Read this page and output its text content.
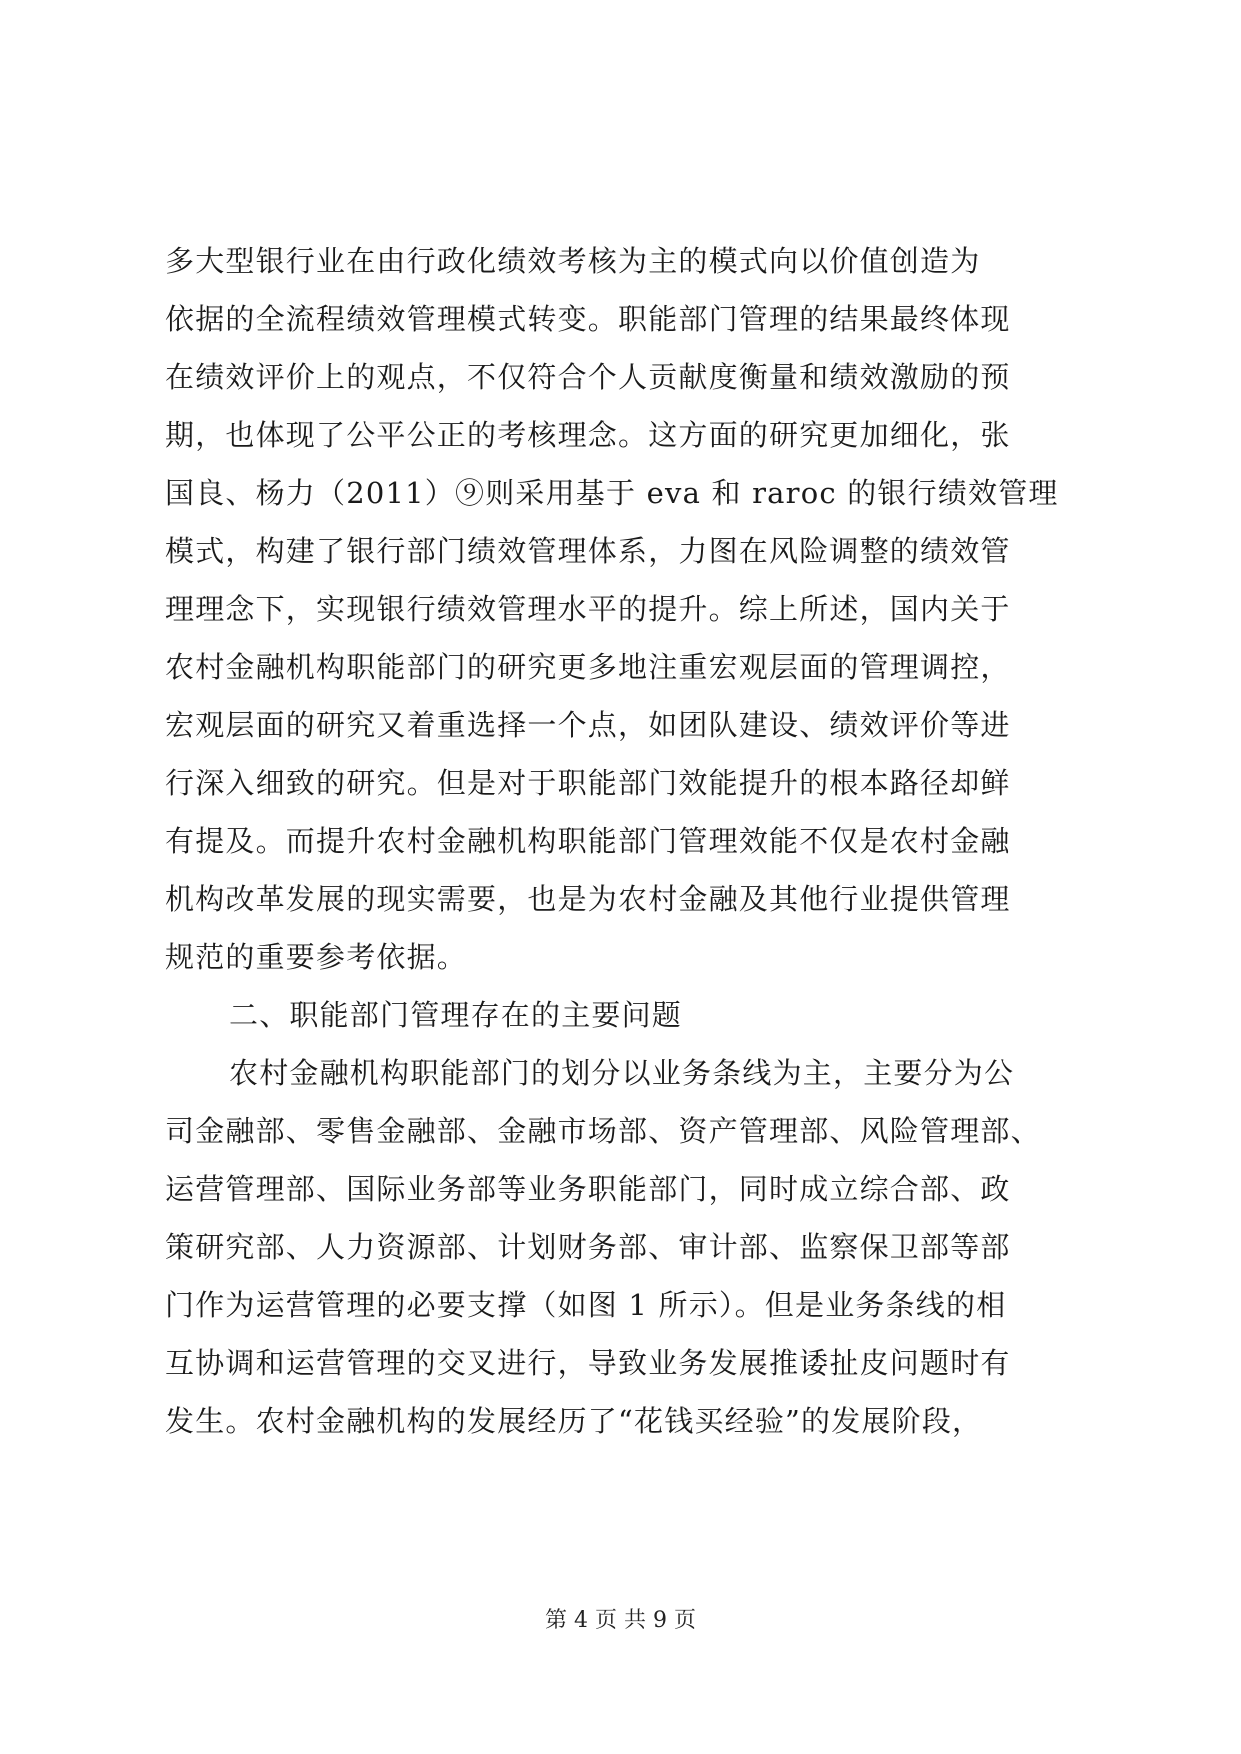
多大型银行业在由行政化绩效考核为主的模式向以价值创造为
依据的全流程绩效管理模式转变。职能部门管理的结果最终体现
在绩效评价上的观点，不仅符合个人贡献度衡量和绩效激励的预
期，也体现了公平公正的考核理念。这方面的研究更加细化，张
国良、杨力（2011）⑨则采用基于 eva 和 raroc 的银行绩效管理
模式，构建了银行部门绩效管理体系，力图在风险调整的绩效管
理理念下，实现银行绩效管理水平的提升。综上所述，国内关于
农村金融机构职能部门的研究更多地注重宏观层面的管理调控，
宏观层面的研究又着重选择一个点，如团队建设、绩效评价等进
行深入细致的研究。但是对于职能部门效能提升的根本路径却鲜
有提及。而提升农村金融机构职能部门管理效能不仅是农村金融
机构改革发展的现实需要，也是为农村金融及其他行业提供管理
规范的重要参考依据。
二、职能部门管理存在的主要问题
农村金融机构职能部门的划分以业务条线为主，主要分为公
司金融部、零售金融部、金融市场部、资产管理部、风险管理部、
运营管理部、国际业务部等业务职能部门，同时成立综合部、政
策研究部、人力资源部、计划财务部、审计部、监察保卫部等部
门作为运营管理的必要支撑（如图 1 所示）。但是业务条线的相
互协调和运营管理的交叉进行，导致业务发展推诿扯皮问题时有
发生。农村金融机构的发展经历了“花钱买经验”的发展阶段，
第 4 页 共 9 页
